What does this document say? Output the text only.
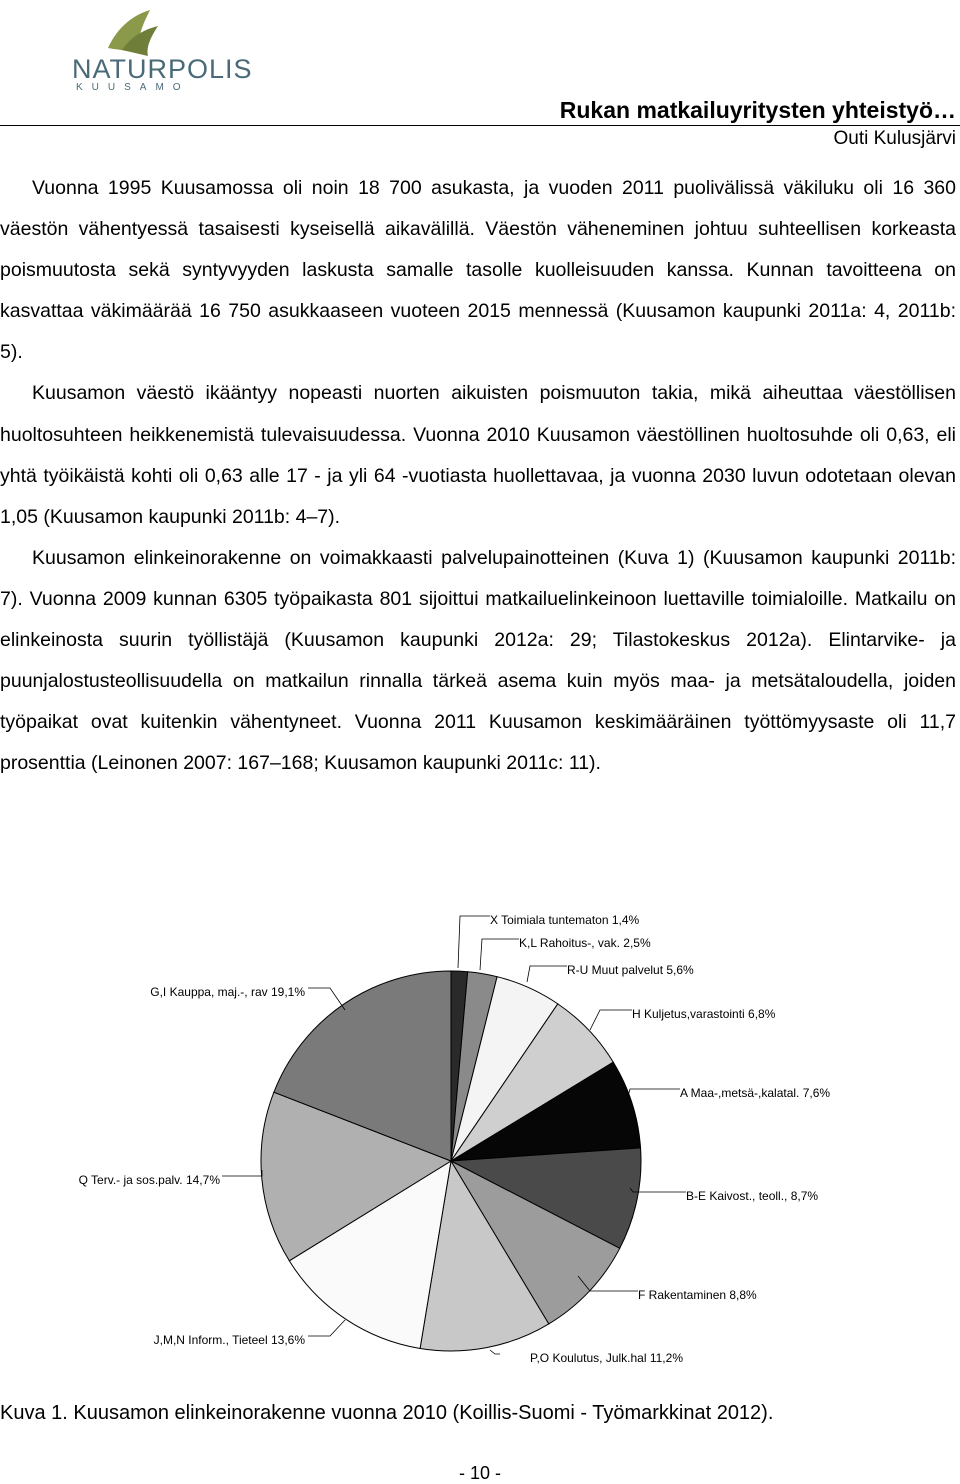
NATURPOLIS
KUUSAMO
Rukan matkailuyritysten yhteistyö…
Outi Kulusjärvi

Vuonna 1995 Kuusamossa oli noin 18 700 asukasta, ja vuoden 2011 puolivälissä väkiluku oli 16 360 väestön vähentyessä tasaisesti kyseisellä aikavälillä. Väestön väheneminen johtuu suhteellisen korkeasta poismuutosta sekä syntyvyyden laskusta samalle tasolle kuolleisuuden kanssa. Kunnan tavoitteena on kasvattaa väkimäärää 16 750 asukkaaseen vuoteen 2015 mennessä (Kuusamon kaupunki 2011a: 4, 2011b: 5).

Kuusamon väestö ikääntyy nopeasti nuorten aikuisten poismuuton takia, mikä aiheuttaa väestöllisen huoltosuhteen heikkenemistä tulevaisuudessa. Vuonna 2010 Kuusamon väestöllinen huoltosuhde oli 0,63, eli yhtä työikäistä kohti oli 0,63 alle 17 - ja yli 64 -vuotiasta huollettavaa, ja vuonna 2030 luvun odotetaan olevan 1,05 (Kuusamon kaupunki 2011b: 4‒7).

Kuusamon elinkeinorakenne on voimakkaasti palvelupainotteinen (Kuva 1) (Kuusamon kaupunki 2011b: 7). Vuonna 2009 kunnan 6305 työpaikasta 801 sijoittui matkailuelinkeinoon luettaville toimialoille. Matkailu on elinkeinosta suurin työllistäjä (Kuusamon kaupunki 2012a: 29; Tilastokeskus 2012a). Elintarvike- ja puunjalostusteollisuudella on matkailun rinnalla tärkeä asema kuin myös maa- ja metsätaloudella, joiden työpaikat ovat kuitenkin vähentyneet. Vuonna 2011 Kuusamon keskimääräinen työttömyysaste oli 11,7 prosenttia (Leinonen 2007: 167‒168; Kuusamon kaupunki 2011c: 11).

X Toimiala tuntematon 1,4%
K,L Rahoitus-, vak. 2,5%
R-U Muut palvelut 5,6%
H Kuljetus,varastointi 6,8%
A Maa-,metsä-,kalatal. 7,6%
B-E Kaivost., teoll., 8,7%
F Rakentaminen 8,8%
P,O Koulutus, Julk.hal 11,2%
J,M,N Inform., Tieteel 13,6%
Q Terv.- ja sos.palv. 14,7%
G,I Kauppa, maj.-, rav 19,1%
Kuva 1. Kuusamon elinkeinorakenne vuonna 2010 (Koillis-Suomi - Työmarkkinat 2012).
- 10 -
